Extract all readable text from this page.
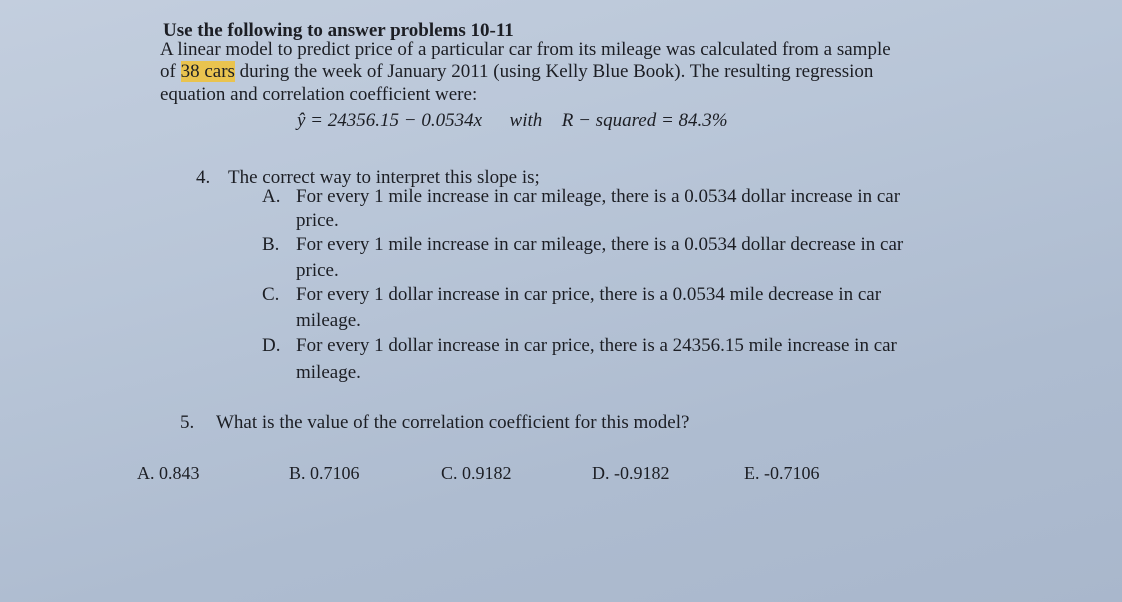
Use the following to answer problems 10-11
A linear model to predict price of a particular car from its mileage was calculated from a sample
of 38 cars during the week of January 2011 (using Kelly Blue Book). The resulting regression
equation and correlation coefficient were:
ŷ = 24356.15 − 0.0534x with R − squared = 84.3%
4. The correct way to interpret this slope is;
A. For every 1 mile increase in car mileage, there is a 0.0534 dollar increase in car
price.
B. For every 1 mile increase in car mileage, there is a 0.0534 dollar decrease in car
price.
C. For every 1 dollar increase in car price, there is a 0.0534 mile decrease in car
mileage.
D. For every 1 dollar increase in car price, there is a 24356.15 mile increase in car
mileage.
5. What is the value of the correlation coefficient for this model?
A. 0.843	B. 0.7106	C. 0.9182	D. -0.9182	E. -0.7106
